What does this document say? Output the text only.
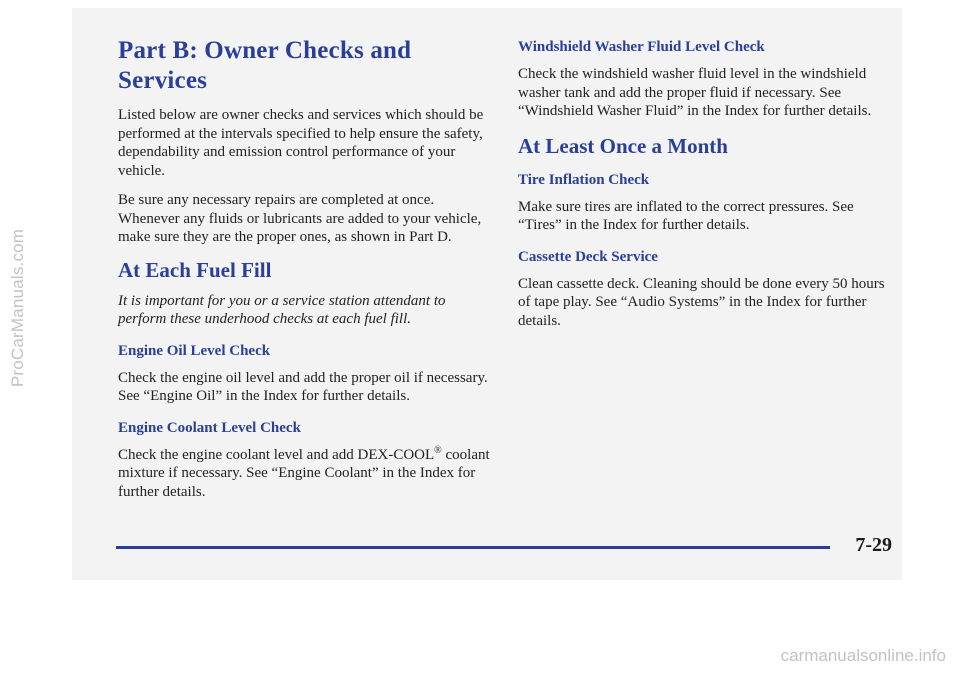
ProCarManuals.com
Part B: Owner Checks and Services

Listed below are owner checks and services which should be performed at the intervals specified to help ensure the safety, dependability and emission control performance of your vehicle.

Be sure any necessary repairs are completed at once. Whenever any fluids or lubricants are added to your vehicle, make sure they are the proper ones, as shown in Part D.

At Each Fuel Fill

It is important for you or a service station attendant to perform these underhood checks at each fuel fill.

Engine Oil Level Check

Check the engine oil level and add the proper oil if necessary. See “Engine Oil” in the Index for further details.

Engine Coolant Level Check

Check the engine coolant level and add DEX-COOL® coolant mixture if necessary. See “Engine Coolant” in the Index for further details.

Windshield Washer Fluid Level Check

Check the windshield washer fluid level in the windshield washer tank and add the proper fluid if necessary. See “Windshield Washer Fluid” in the Index for further details.

At Least Once a Month
Tire Inflation Check

Make sure tires are inflated to the correct pressures. See “Tires” in the Index for further details.

Cassette Deck Service

Clean cassette deck. Cleaning should be done every 50 hours of tape play. See “Audio Systems” in the Index for further details.

7-29
carmanualsonline.info
